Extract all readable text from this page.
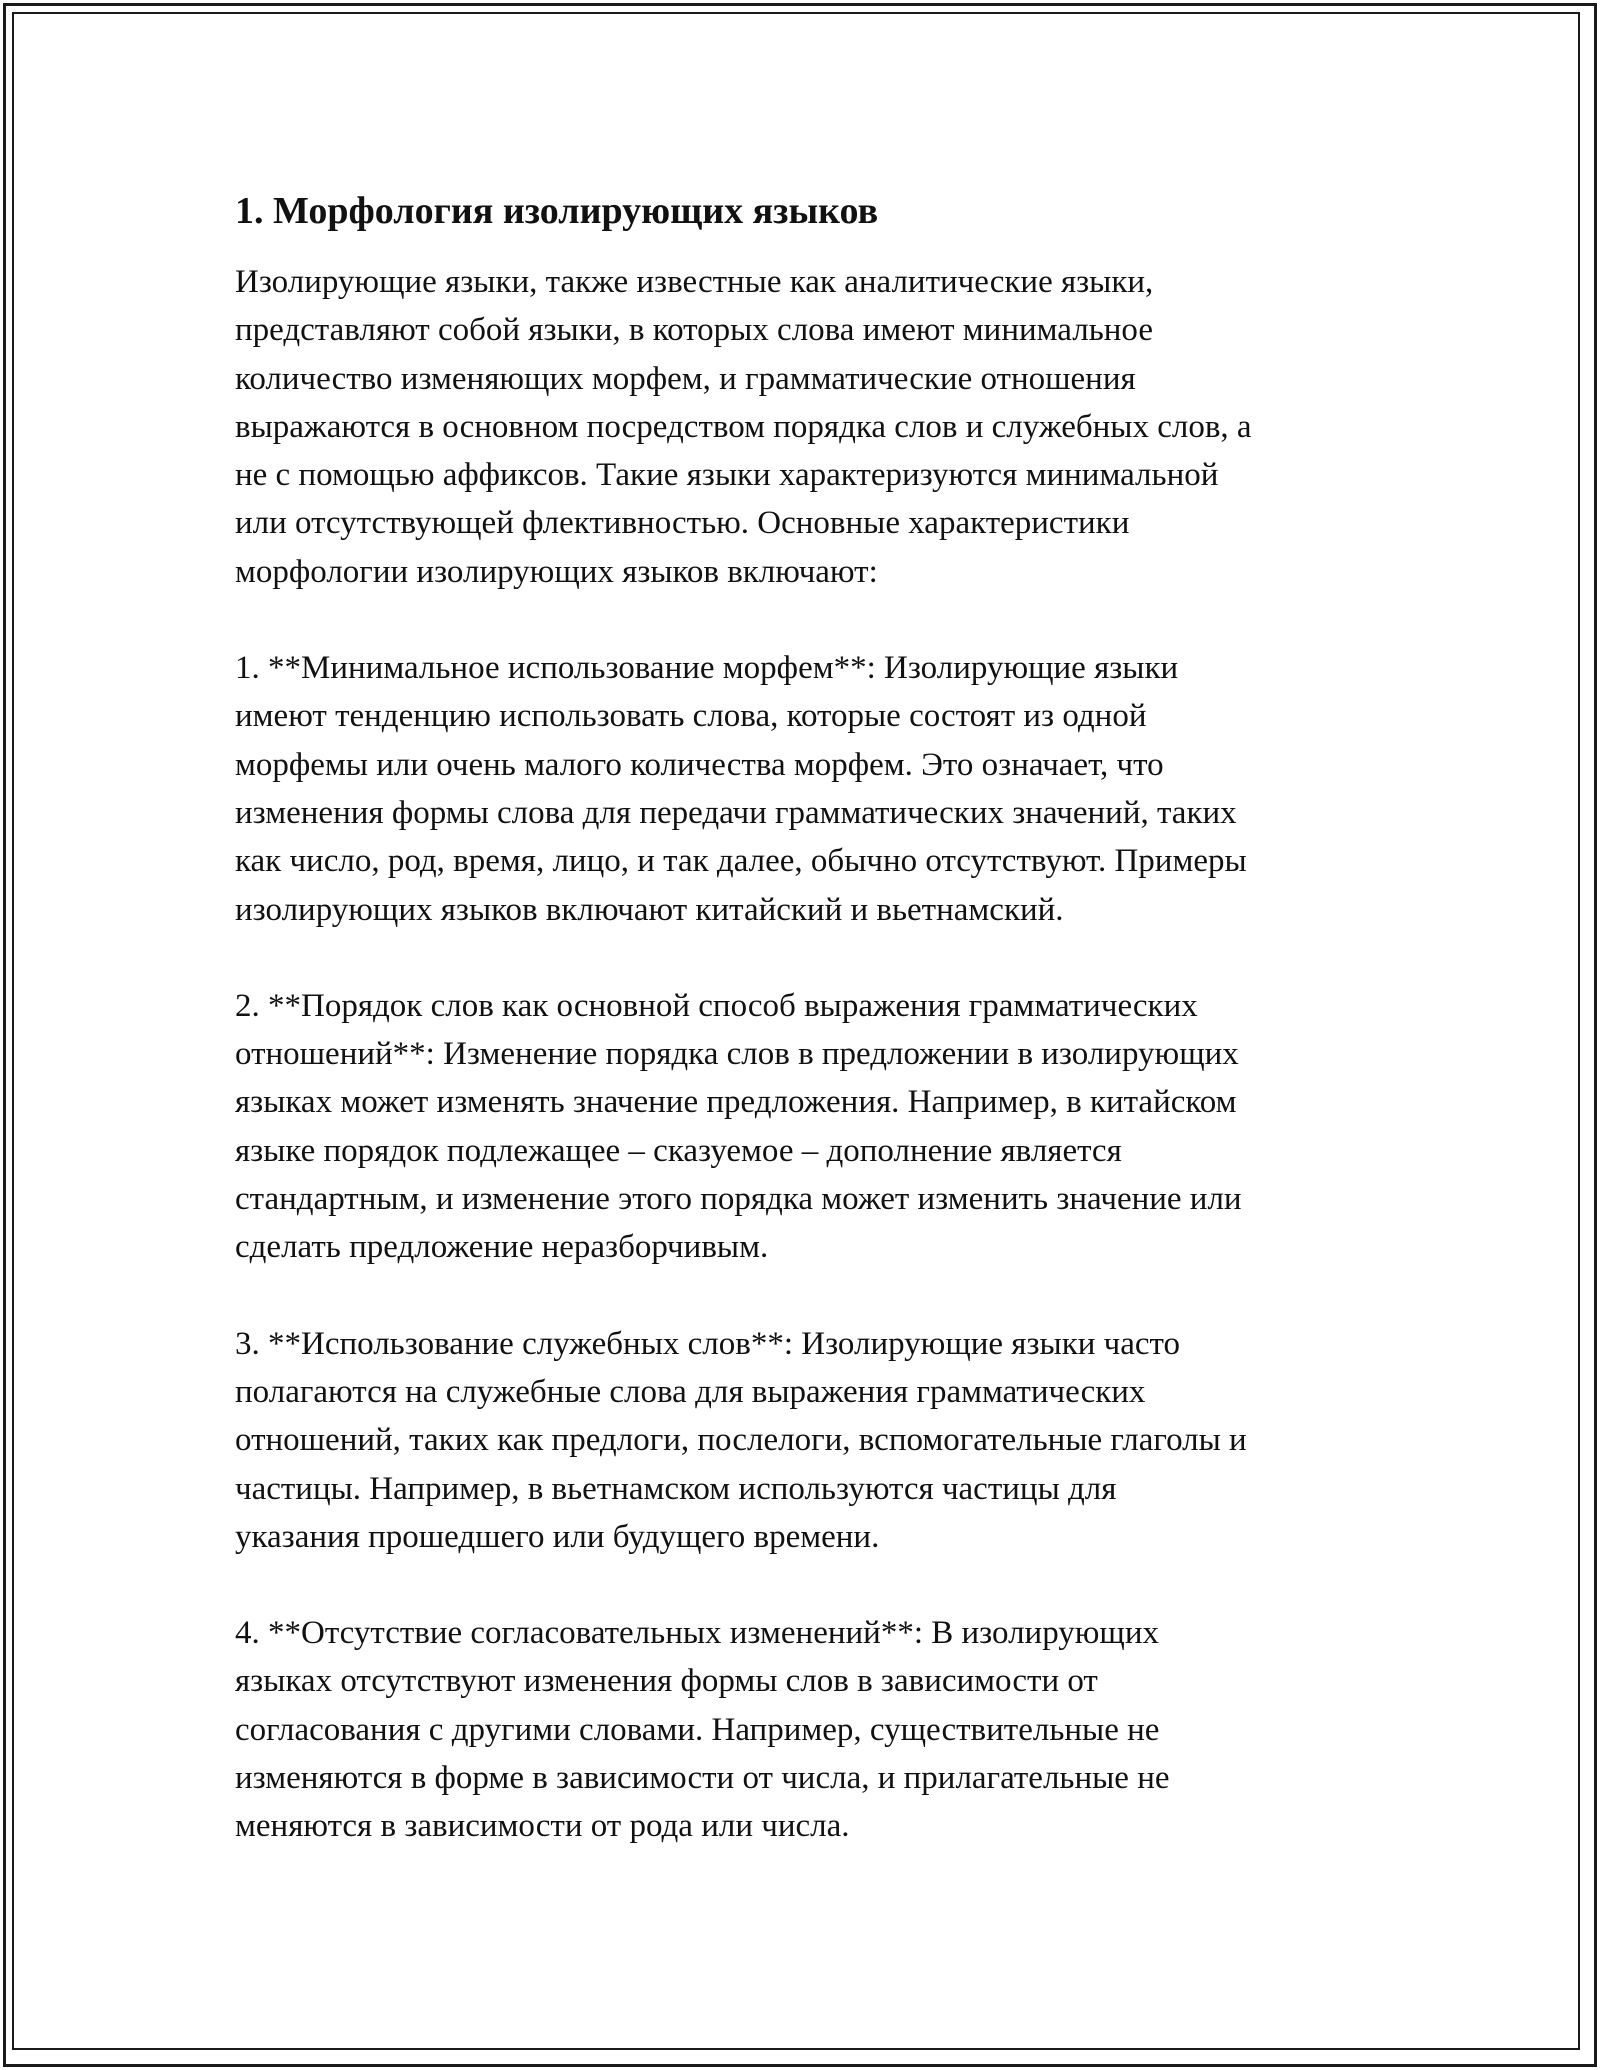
1. Морфология изолирующих языков

Изолирующие языки, также известные как аналитические языки,
представляют собой языки, в которых слова имеют минимальное
количество изменяющих морфем, и грамматические отношения
выражаются в основном посредством порядка слов и служебных слов, а
не с помощью аффиксов. Такие языки характеризуются минимальной
или отсутствующей флективностью. Основные характеристики
морфологии изолирующих языков включают:

1. **Минимальное использование морфем**: Изолирующие языки
имеют тенденцию использовать слова, которые состоят из одной
морфемы или очень малого количества морфем. Это означает, что
изменения формы слова для передачи грамматических значений, таких
как число, род, время, лицо, и так далее, обычно отсутствуют. Примеры
изолирующих языков включают китайский и вьетнамский.

2. **Порядок слов как основной способ выражения грамматических
отношений**: Изменение порядка слов в предложении в изолирующих
языках может изменять значение предложения. Например, в китайском
языке порядок подлежащее – сказуемое – дополнение является
стандартным, и изменение этого порядка может изменить значение или
сделать предложение неразборчивым.

3. **Использование служебных слов**: Изолирующие языки часто
полагаются на служебные слова для выражения грамматических
отношений, таких как предлоги, послелоги, вспомогательные глаголы и
частицы. Например, в вьетнамском используются частицы для
указания прошедшего или будущего времени.

4. **Отсутствие согласовательных изменений**: В изолирующих
языках отсутствуют изменения формы слов в зависимости от
согласования с другими словами. Например, существительные не
изменяются в форме в зависимости от числа, и прилагательные не
меняются в зависимости от рода или числа.
